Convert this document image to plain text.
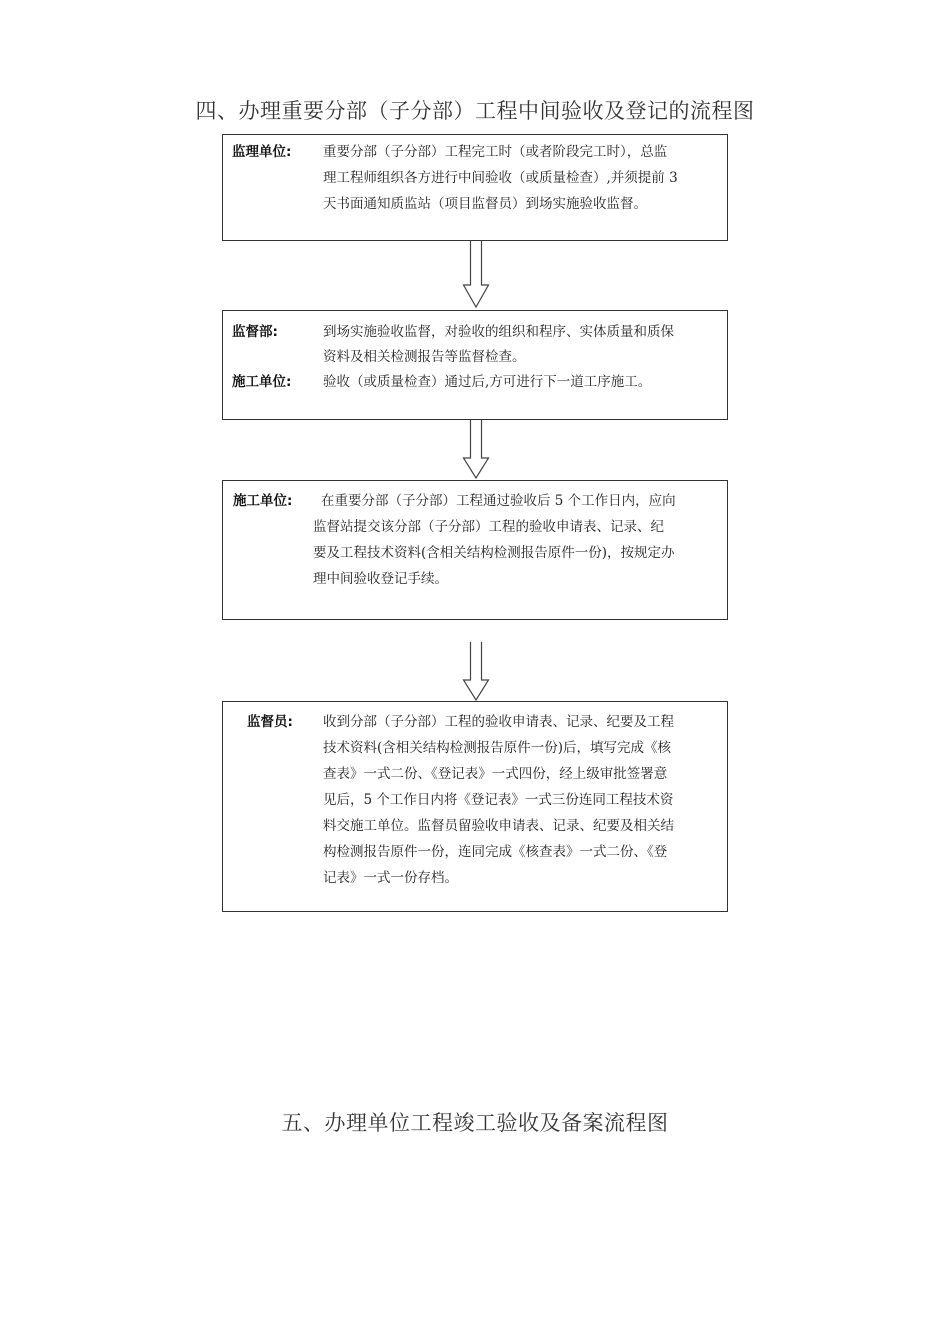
四、办理重要分部（子分部）工程中间验收及登记的流程图
监理单位: 重要分部（子分部）工程完工时（或者阶段完工时），总监
理工程师组织各方进行中间验收（或质量检查）,并须提前 3
天书面通知质监站（项目监督员）到场实施验收监督。
监督部:	到场实施验收监督，对验收的组织和程序、实体质量和质保
资料及相关检测报告等监督检查。
施工单位: 验收（或质量检查）通过后,方可进行下一道工序施工。
施工单位: 在重要分部（子分部）工程通过验收后 5 个工作日内，应向
监督站提交该分部（子分部）工程的验收申请表、记录、纪
要及工程技术资料(含相关结构检测报告原件一份)，按规定办
理中间验收登记手续。
监督员: 收到分部（子分部）工程的验收申请表、记录、纪要及工程
技术资料(含相关结构检测报告原件一份)后，填写完成《核
查表》一式二份、《登记表》一式四份，经上级审批签署意
见后，5 个工作日内将《登记表》一式三份连同工程技术资
料交施工单位。监督员留验收申请表、记录、纪要及相关结
构检测报告原件一份，连同完成《核查表》一式二份、《登
记表》一式一份存档。
五、办理单位工程竣工验收及备案流程图
